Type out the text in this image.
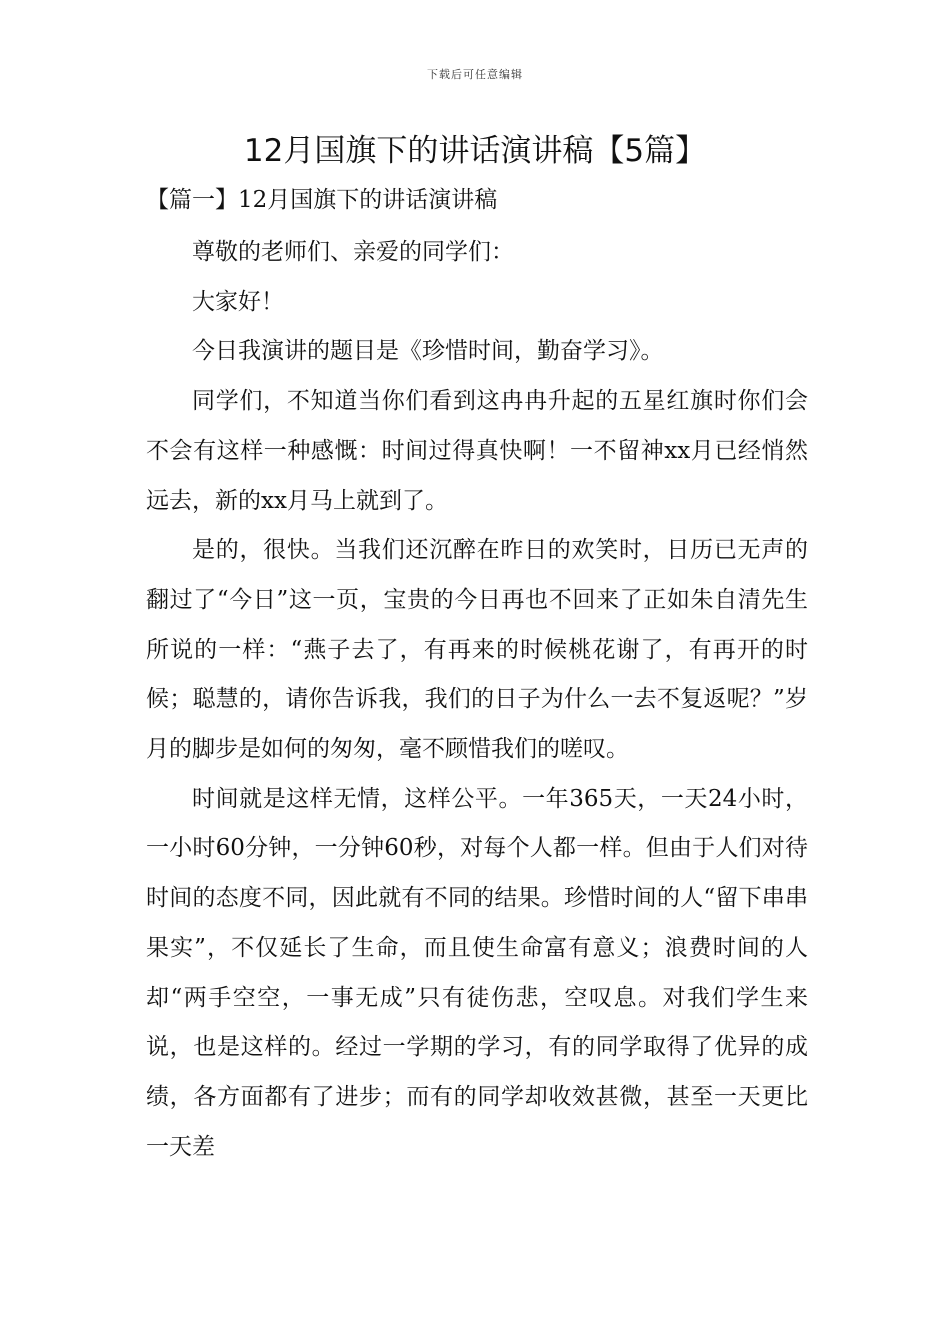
下载后可任意编辑
12月国旗下的讲话演讲稿【5篇】

【篇一】12月国旗下的讲话演讲稿

尊敬的老师们、亲爱的同学们：

大家好！

今日我演讲的题目是《珍惜时间，勤奋学习》。

同学们，不知道当你们看到这冉冉升起的五星红旗时你们会不会有这样一种感慨：时间过得真快啊！一不留神xx月已经悄然远去，新的xx月马上就到了。

是的，很快。当我们还沉醉在昨日的欢笑时，日历已无声的翻过了“今日”这一页，宝贵的今日再也不回来了正如朱自清先生所说的一样：“燕子去了，有再来的时候桃花谢了，有再开的时候；聪慧的，请你告诉我，我们的日子为什么一去不复返呢？”岁月的脚步是如何的匆匆，毫不顾惜我们的嗟叹。

时间就是这样无情，这样公平。一年365天，一天24小时，一小时60分钟，一分钟60秒，对每个人都一样。但由于人们对待时间的态度不同，因此就有不同的结果。珍惜时间的人“留下串串果实”，不仅延长了生命，而且使生命富有意义；浪费时间的人却“两手空空，一事无成”只有徒伤悲，空叹息。对我们学生来说，也是这样的。经过一学期的学习，有的同学取得了优异的成绩，各方面都有了进步；而有的同学却收效甚微，甚至一天更比一天差
